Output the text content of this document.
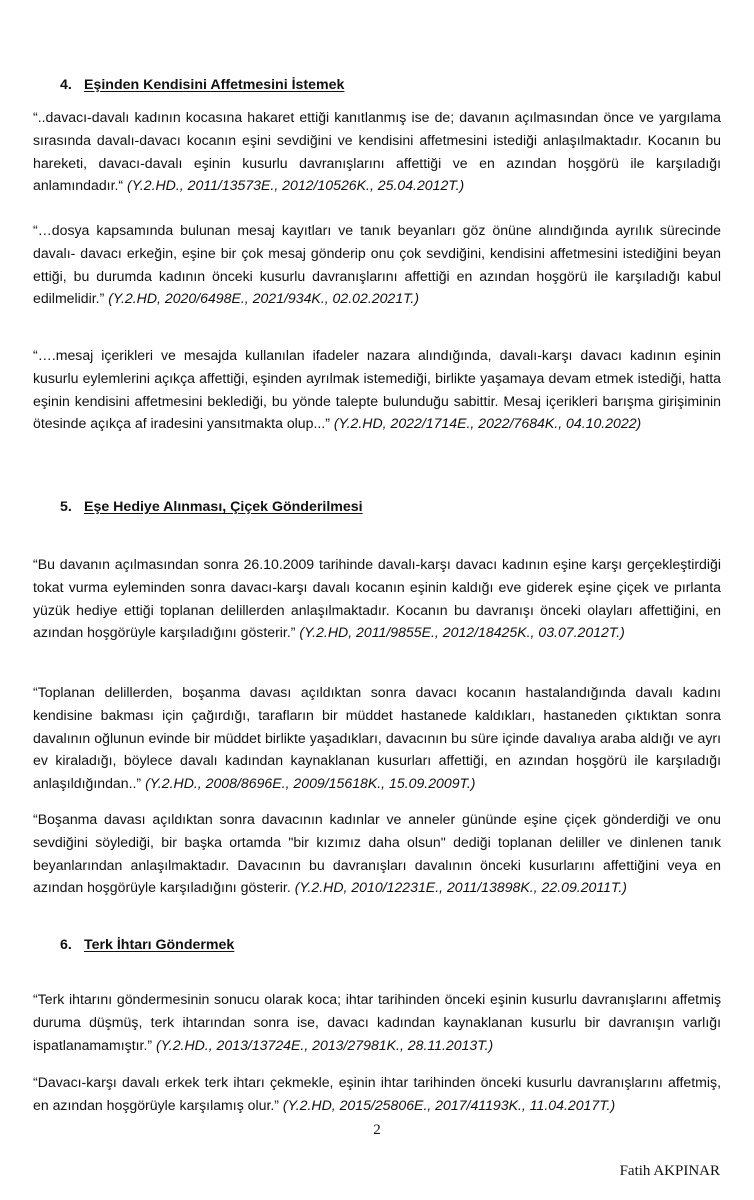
4. Eşinden Kendisini Affetmesini İstemek

“..davacı-davalı kadının kocasına hakaret ettiği kanıtlanmış ise de; davanın açılmasından önce ve yargılama sırasında davalı-davacı kocanın eşini sevdiğini ve kendisini affetmesini istediği anlaşılmaktadır. Kocanın bu hareketi, davacı-davalı eşinin kusurlu davranışlarını affettiği ve en azından hoşgörü ile karşıladığı anlamındadır.“ (Y.2.HD., 2011/13573E., 2012/10526K., 25.04.2012T.)

“…dosya kapsamında bulunan mesaj kayıtları ve tanık beyanları göz önüne alındığında ayrılık sürecinde davalı- davacı erkeğin, eşine bir çok mesaj gönderip onu çok sevdiğini, kendisini affetmesini istediğini beyan ettiği, bu durumda kadının önceki kusurlu davranışlarını affettiği en azından hoşgörü ile karşıladığı kabul edilmelidir.” (Y.2.HD, 2020/6498E., 2021/934K., 02.02.2021T.)

“….mesaj içerikleri ve mesajda kullanılan ifadeler nazara alındığında, davalı-karşı davacı kadının eşinin kusurlu eylemlerini açıkça affettiği, eşinden ayrılmak istemediği, birlikte yaşamaya devam etmek istediği, hatta eşinin kendisini affetmesini beklediği, bu yönde talepte bulunduğu sabittir. Mesaj içerikleri barışma girişiminin ötesinde açıkça af iradesini yansıtmakta olup...” (Y.2.HD, 2022/1714E., 2022/7684K., 04.10.2022)

5. Eşe Hediye Alınması, Çiçek Gönderilmesi

“Bu davanın açılmasından sonra 26.10.2009 tarihinde davalı-karşı davacı kadının eşine karşı gerçekleştirdiği tokat vurma eyleminden sonra davacı-karşı davalı kocanın eşinin kaldığı eve giderek eşine çiçek ve pırlanta yüzük hediye ettiği toplanan delillerden anlaşılmaktadır. Kocanın bu davranışı önceki olayları affettiğini, en azından hoşgörüyle karşıladığını gösterir.” (Y.2.HD, 2011/9855E., 2012/18425K., 03.07.2012T.)

“Toplanan delillerden, boşanma davası açıldıktan sonra davacı kocanın hastalandığında davalı kadını kendisine bakması için çağırdığı, tarafların bir müddet hastanede kaldıkları, hastaneden çıktıktan sonra davalının oğlunun evinde bir müddet birlikte yaşadıkları, davacının bu süre içinde davalıya araba aldığı ve ayrı ev kiraladığı, böylece davalı kadından kaynaklanan kusurları affettiği, en azından hoşgörü ile karşıladığı anlaşıldığından..” (Y.2.HD., 2008/8696E., 2009/15618K., 15.09.2009T.)

“Boşanma davası açıldıktan sonra davacının kadınlar ve anneler gününde eşine çiçek gönderdiği ve onu sevdiğini söylediği, bir başka ortamda "bir kızımız daha olsun" dediği toplanan deliller ve dinlenen tanık beyanlarından anlaşılmaktadır. Davacının bu davranışları davalının önceki kusurlarını affettiğini veya en azından hoşgörüyle karşıladığını gösterir. (Y.2.HD, 2010/12231E., 2011/13898K., 22.09.2011T.)

6. Terk İhtarı Göndermek

“Terk ihtarını göndermesinin sonucu olarak koca; ihtar tarihinden önceki eşinin kusurlu davranışlarını affetmiş duruma düşmüş, terk ihtarından sonra ise, davacı kadından kaynaklanan kusurlu bir davranışın varlığı ispatlanamamıştır.” (Y.2.HD., 2013/13724E., 2013/27981K., 28.11.2013T.)

“Davacı-karşı davalı erkek terk ihtarı çekmekle, eşinin ihtar tarihinden önceki kusurlu davranışlarını affetmiş, en azından hoşgörüyle karşılamış olur.” (Y.2.HD, 2015/25806E., 2017/41193K., 11.04.2017T.)

2
Fatih AKPINAR
